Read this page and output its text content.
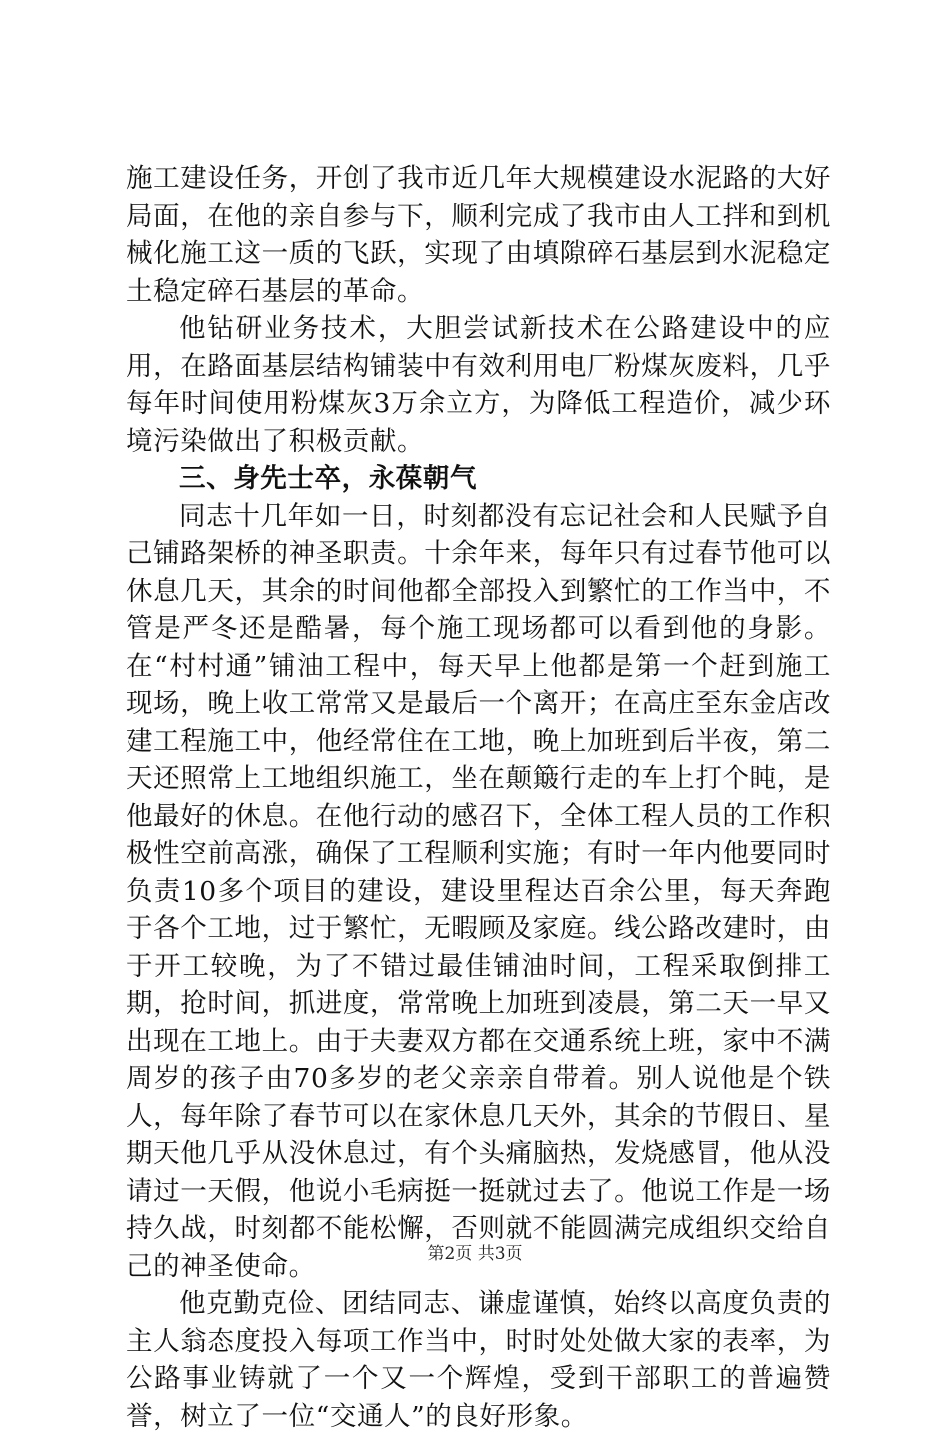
施工建设任务，开创了我市近几年大规模建设水泥路的大好局面，在他的亲自参与下，顺利完成了我市由人工拌和到机械化施工这一质的飞跃，实现了由填隙碎石基层到水泥稳定土稳定碎石基层的革命。

他钻研业务技术，大胆尝试新技术在公路建设中的应用，在路面基层结构铺装中有效利用电厂粉煤灰废料，几乎每年时间使用粉煤灰3万余立方，为降低工程造价，减少环境污染做出了积极贡献。

三、身先士卒，永葆朝气

同志十几年如一日，时刻都没有忘记社会和人民赋予自己铺路架桥的神圣职责。十余年来，每年只有过春节他可以休息几天，其余的时间他都全部投入到繁忙的工作当中，不管是严冬还是酷暑，每个施工现场都可以看到他的身影。在“村村通”铺油工程中，每天早上他都是第一个赶到施工现场，晚上收工常常又是最后一个离开；在高庄至东金店改建工程施工中，他经常住在工地，晚上加班到后半夜，第二天还照常上工地组织施工，坐在颠簸行走的车上打个盹，是他最好的休息。在他行动的感召下，全体工程人员的工作积极性空前高涨，确保了工程顺利实施；有时一年内他要同时负责10多个项目的建设，建设里程达百余公里，每天奔跑于各个工地，过于繁忙，无暇顾及家庭。线公路改建时，由于开工较晚，为了不错过最佳铺油时间，工程采取倒排工期，抢时间，抓进度，常常晚上加班到凌晨，第二天一早又出现在工地上。由于夫妻双方都在交通系统上班，家中不满周岁的孩子由70多岁的老父亲亲自带着。别人说他是个铁人，每年除了春节可以在家休息几天外，其余的节假日、星期天他几乎从没休息过，有个头痛脑热，发烧感冒，他从没请过一天假，他说小毛病挺一挺就过去了。他说工作是一场持久战，时刻都不能松懈，否则就不能圆满完成组织交给自己的神圣使命。

他克勤克俭、团结同志、谦虚谨慎，始终以高度负责的主人翁态度投入每项工作当中，时时处处做大家的表率，为公路事业铸就了一个又一个辉煌，受到干部职工的普遍赞誉，树立了一位“交通人”的良好形象。

第2页 共3页
